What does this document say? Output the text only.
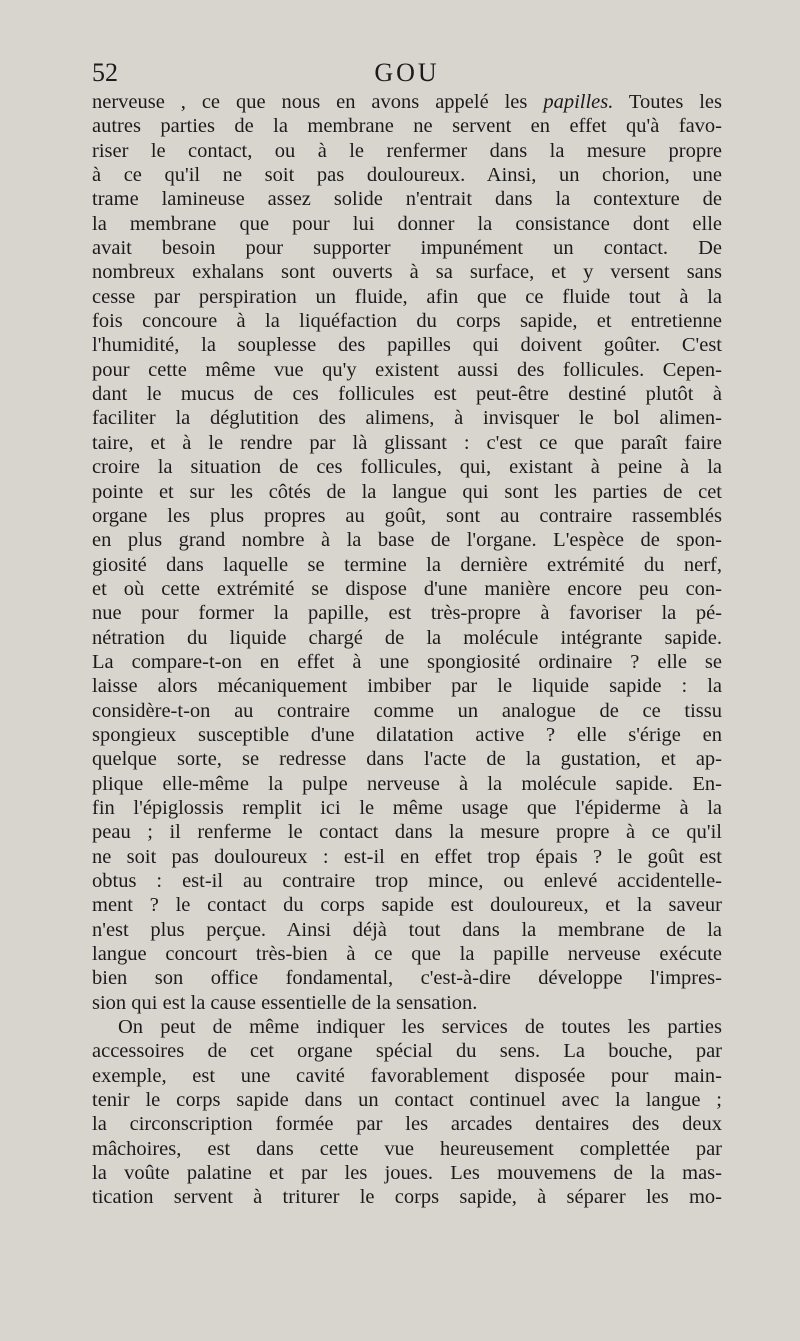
52	GOU
nerveuse , ce que nous en avons appelé les papilles. Toutes les
autres parties de la membrane ne servent en effet qu'à favo-
riser le contact, ou à le renfermer dans la mesure propre
à ce qu'il ne soit pas douloureux. Ainsi, un chorion, une
trame lamineuse assez solide n'entrait dans la contexture de
la membrane que pour lui donner la consistance dont elle
avait besoin pour supporter impunément un contact. De
nombreux exhalans sont ouverts à sa surface, et y versent sans
cesse par perspiration un fluide, afin que ce fluide tout à la
fois concoure à la liquéfaction du corps sapide, et entretienne
l'humidité, la souplesse des papilles qui doivent goûter. C'est
pour cette même vue qu'y existent aussi des follicules. Cepen-
dant le mucus de ces follicules est peut-être destiné plutôt à
faciliter la déglutition des alimens, à invisquer le bol alimen-
taire, et à le rendre par là glissant : c'est ce que paraît faire
croire la situation de ces follicules, qui, existant à peine à la
pointe et sur les côtés de la langue qui sont les parties de cet
organe les plus propres au goût, sont au contraire rassemblés
en plus grand nombre à la base de l'organe. L'espèce de spon-
giosité dans laquelle se termine la dernière extrémité du nerf,
et où cette extrémité se dispose d'une manière encore peu con-
nue pour former la papille, est très-propre à favoriser la pé-
nétration du liquide chargé de la molécule intégrante sapide.
La compare-t-on en effet à une spongiosité ordinaire ? elle se
laisse alors mécaniquement imbiber par le liquide sapide : la
considère-t-on au contraire comme un analogue de ce tissu
spongieux susceptible d'une dilatation active ? elle s'érige en
quelque sorte, se redresse dans l'acte de la gustation, et ap-
plique elle-même la pulpe nerveuse à la molécule sapide. En-
fin l'épiglossis remplit ici le même usage que l'épiderme à la
peau ; il renferme le contact dans la mesure propre à ce qu'il
ne soit pas douloureux : est-il en effet trop épais ? le goût est
obtus : est-il au contraire trop mince, ou enlevé accidentelle-
ment ? le contact du corps sapide est douloureux, et la saveur
n'est plus perçue. Ainsi déjà tout dans la membrane de la
langue concourt très-bien à ce que la papille nerveuse exécute
bien son office fondamental, c'est-à-dire développe l'impres-
sion qui est la cause essentielle de la sensation.
On peut de même indiquer les services de toutes les parties
accessoires de cet organe spécial du sens. La bouche, par
exemple, est une cavité favorablement disposée pour main-
tenir le corps sapide dans un contact continuel avec la langue ;
la circonscription formée par les arcades dentaires des deux
mâchoires, est dans cette vue heureusement complettée par
la voûte palatine et par les joues. Les mouvemens de la mas-
tication servent à triturer le corps sapide, à séparer les mo-
